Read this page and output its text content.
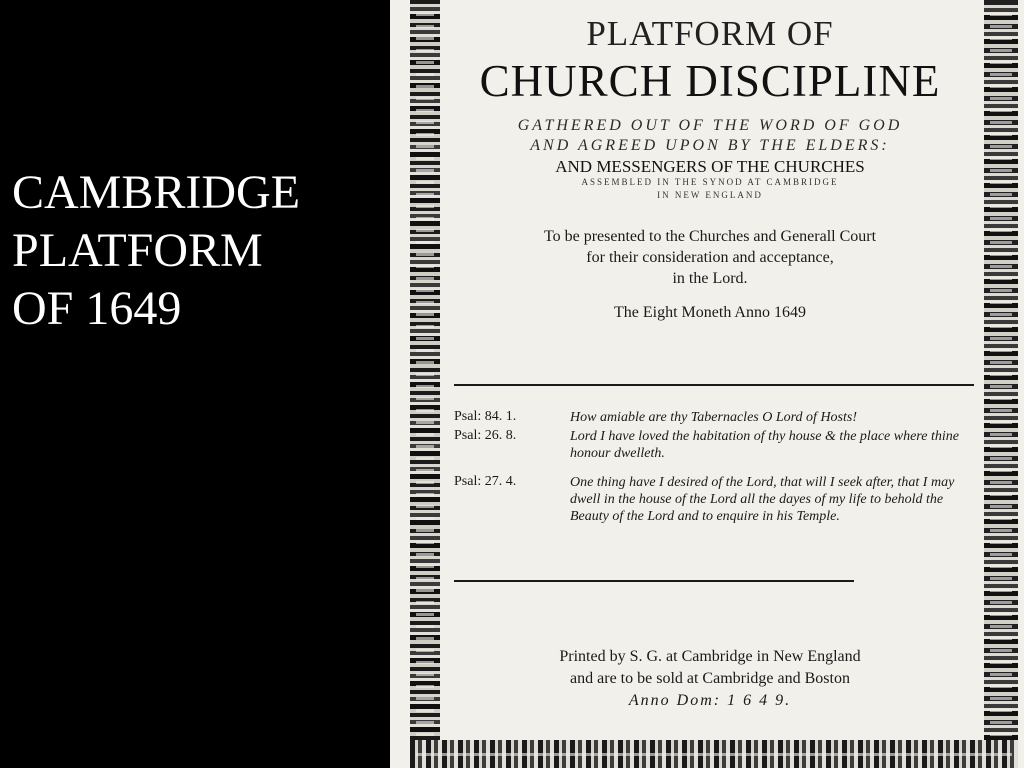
CAMBRIDGE
PLATFORM
OF 1649
PLATFORM OF
CHURCH DISCIPLINE
GATHERED OUT OF THE WORD OF GOD
AND AGREED UPON BY THE ELDERS:
AND MESSENGERS OF THE CHURCHES
ASSEMBLED IN THE SYNOD AT CAMBRIDGE
IN NEW ENGLAND
To be presented to the Churches and Generall Court
for their consideration and acceptance,
in the Lord.
The Eight Moneth Anno 1649
Psal: 84. 1.	How amiable are thy Tabernacles O Lord of Hosts!
Psal: 26. 8.	Lord I have loved the habitation of thy house & the place where thine honour dwelleth.
Psal: 27. 4.	One thing have I desired of the Lord, that will I seek after, that I may dwell in the house of the Lord all the dayes of my life to behold the Beauty of the Lord and to enquire in his Temple.
Printed by S. G. at Cambridge in New England
and are to be sold at Cambridge and Boston
Anno Dom: 1 6 4 9.
